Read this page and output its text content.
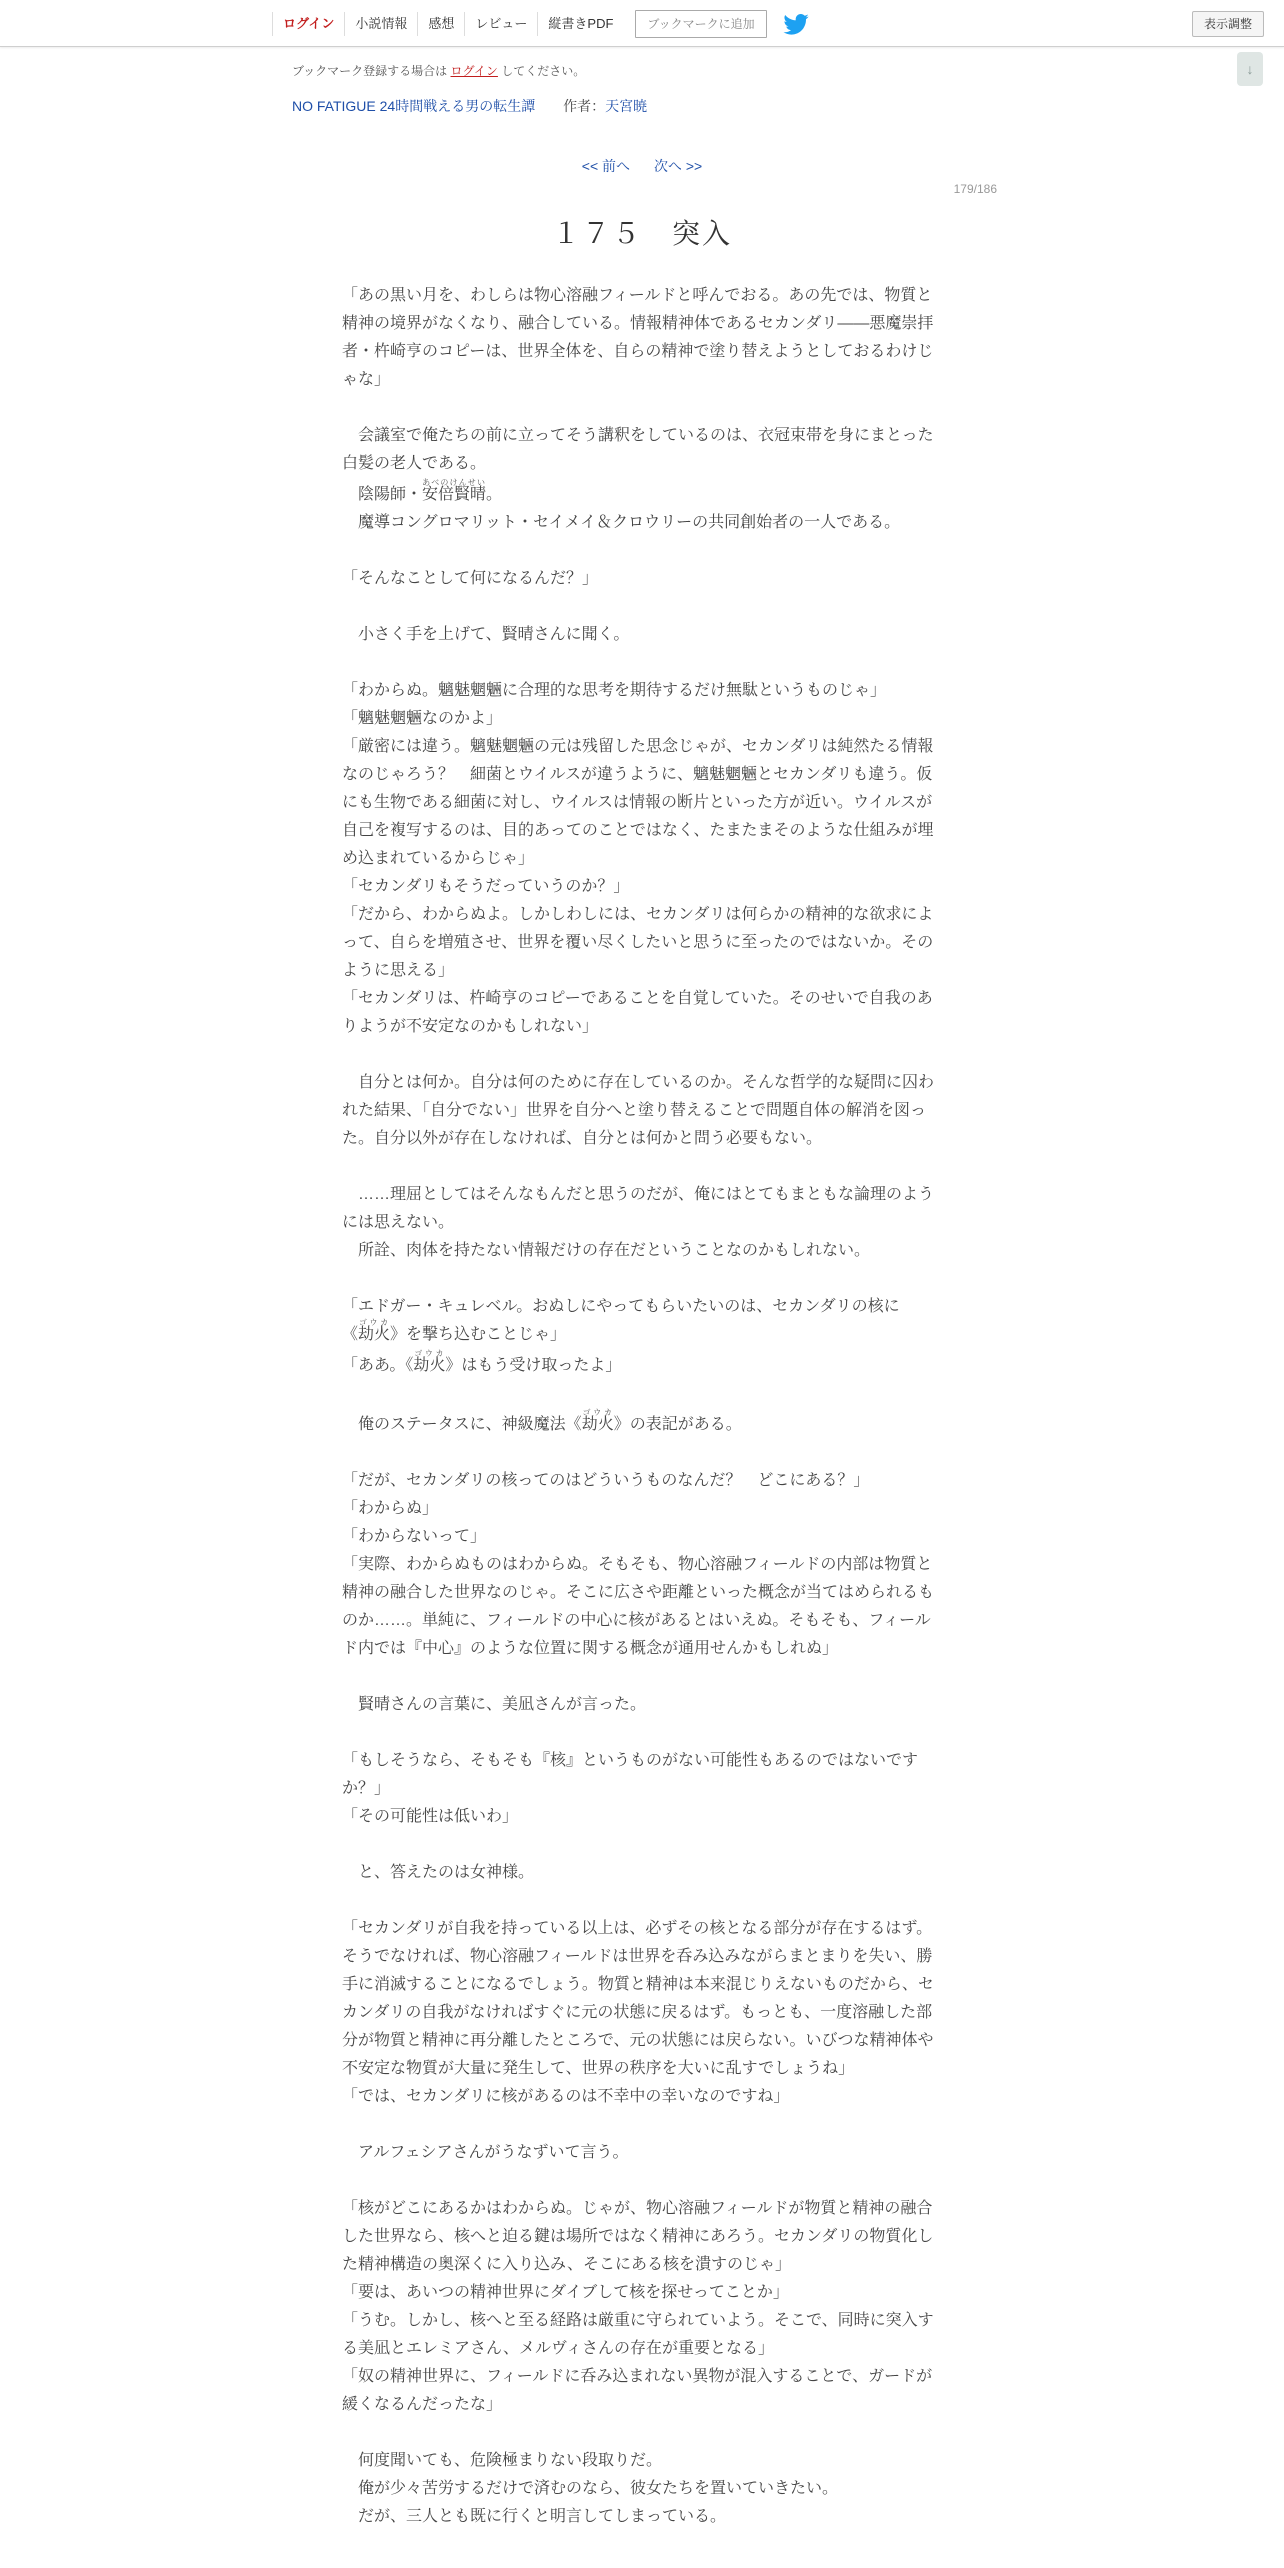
ログイン	小説情報	感想	レビュー	縦書きPDF	ブックマークに追加	表示調整
↓
ブックマーク登録する場合は ログイン してください。
NO FATIGUE 24時間戦える男の転生譚 作者：天宮暁
<< 前へ 次へ >>
179/186
１７５　突入

「あの黒い月を、わしらは物心溶融フィールドと呼んでおる。あの先では、物質と精神の境界がなくなり、融合している。情報精神体であるセカンダリ――悪魔崇拝者・杵崎亨のコピーは、世界全体を、自らの精神で塗り替えようとしておるわけじゃな」

会議室で俺たちの前に立ってそう講釈をしているのは、衣冠束帯を身にまとった白髪の老人である。

陰陽師・安倍賢晴あべのけんせい。

魔導コングロマリット・セイメイ＆クロウリーの共同創始者の一人である。

「そんなことして何になるんだ？」

小さく手を上げて、賢晴さんに聞く。

「わからぬ。魑魅魍魎に合理的な思考を期待するだけ無駄というものじゃ」

「魑魅魍魎なのかよ」

「厳密には違う。魑魅魍魎の元は残留した思念じゃが、セカンダリは純然たる情報なのじゃろう？　細菌とウイルスが違うように、魑魅魍魎とセカンダリも違う。仮にも生物である細菌に対し、ウイルスは情報の断片といった方が近い。ウイルスが自己を複写するのは、目的あってのことではなく、たまたまそのような仕組みが埋め込まれているからじゃ」

「セカンダリもそうだっていうのか？」

「だから、わからぬよ。しかしわしには、セカンダリは何らかの精神的な欲求によって、自らを増殖させ、世界を覆い尽くしたいと思うに至ったのではないか。そのように思える」

「セカンダリは、杵崎亨のコピーであることを自覚していた。そのせいで自我のありようが不安定なのかもしれない」

自分とは何か。自分は何のために存在しているのか。そんな哲学的な疑問に囚われた結果、「自分でない」世界を自分へと塗り替えることで問題自体の解消を図った。自分以外が存在しなければ、自分とは何かと問う必要もない。

……理屈としてはそんなもんだと思うのだが、俺にはとてもまともな論理のようには思えない。

所詮、肉体を持たない情報だけの存在だということなのかもしれない。

「エドガー・キュレベル。おぬしにやってもらいたいのは、セカンダリの核に《劫火ゴウカ》を撃ち込むことじゃ」

「ああ。《劫火ゴウカ》はもう受け取ったよ」

俺のステータスに、神級魔法《劫火ゴウカ》の表記がある。

「だが、セカンダリの核ってのはどういうものなんだ？　どこにある？」

「わからぬ」

「わからないって」

「実際、わからぬものはわからぬ。そもそも、物心溶融フィールドの内部は物質と精神の融合した世界なのじゃ。そこに広さや距離といった概念が当てはめられるものか……。単純に、フィールドの中心に核があるとはいえぬ。そもそも、フィールド内では『中心』のような位置に関する概念が通用せんかもしれぬ」

賢晴さんの言葉に、美凪さんが言った。

「もしそうなら、そもそも『核』というものがない可能性もあるのではないですか？」

「その可能性は低いわ」

と、答えたのは女神様。

「セカンダリが自我を持っている以上は、必ずその核となる部分が存在するはず。そうでなければ、物心溶融フィールドは世界を呑み込みながらまとまりを失い、勝手に消滅することになるでしょう。物質と精神は本来混じりえないものだから、セカンダリの自我がなければすぐに元の状態に戻るはず。もっとも、一度溶融した部分が物質と精神に再分離したところで、元の状態には戻らない。いびつな精神体や不安定な物質が大量に発生して、世界の秩序を大いに乱すでしょうね」

「では、セカンダリに核があるのは不幸中の幸いなのですね」

アルフェシアさんがうなずいて言う。

「核がどこにあるかはわからぬ。じゃが、物心溶融フィールドが物質と精神の融合した世界なら、核へと迫る鍵は場所ではなく精神にあろう。セカンダリの物質化した精神構造の奥深くに入り込み、そこにある核を潰すのじゃ」

「要は、あいつの精神世界にダイブして核を探せってことか」

「うむ。しかし、核へと至る経路は厳重に守られていよう。そこで、同時に突入する美凪とエレミアさん、メルヴィさんの存在が重要となる」

「奴の精神世界に、フィールドに呑み込まれない異物が混入することで、ガードが緩くなるんだったな」

何度聞いても、危険極まりない段取りだ。

俺が少々苦労するだけで済むのなら、彼女たちを置いていきたい。

だが、三人とも既に行くと明言してしまっている。
